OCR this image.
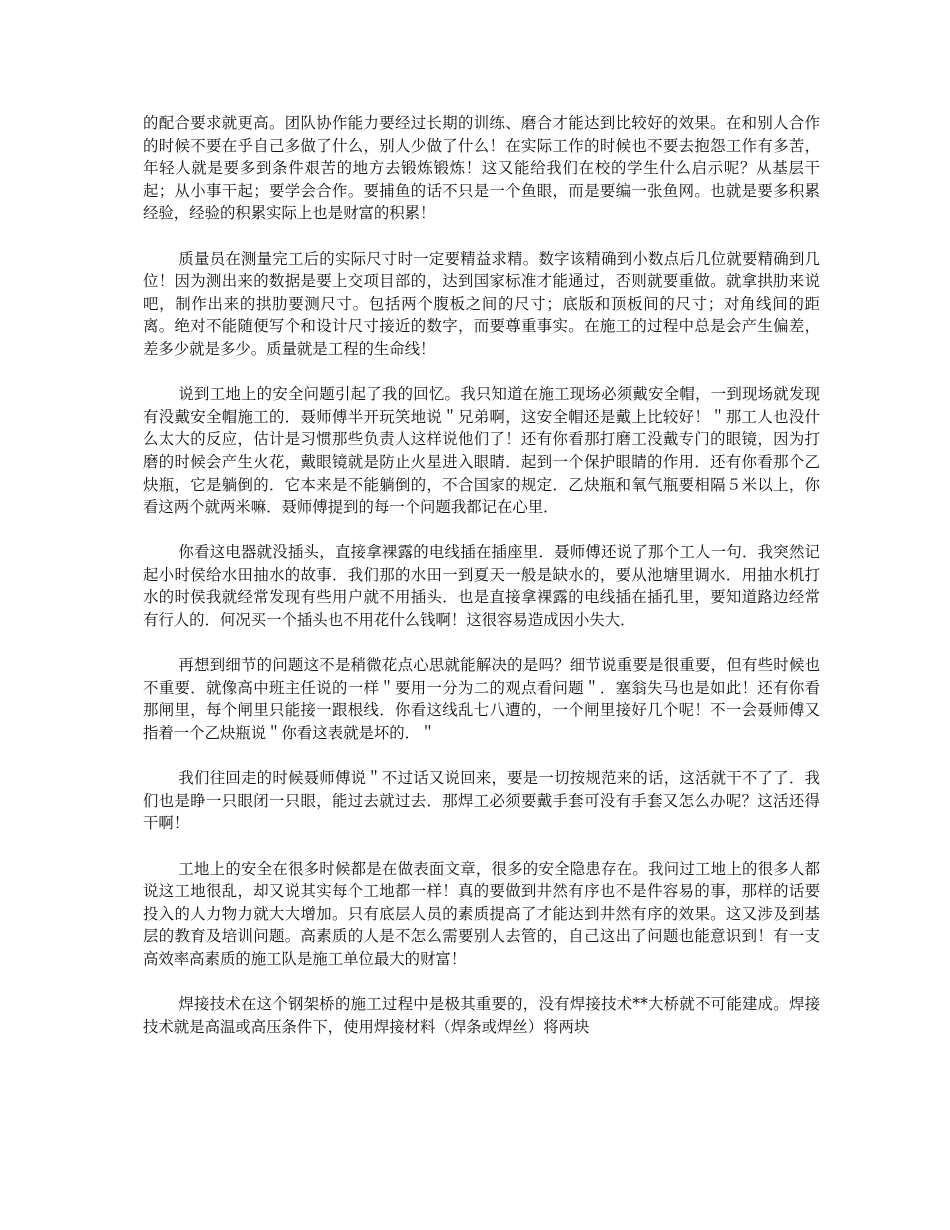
的配合要求就更高。团队协作能力要经过长期的训练、磨合才能达到比较好的效果。在和别人合作的时候不要在乎自己多做了什么，别人少做了什么！在实际工作的时候也不要去抱怨工作有多苦，年轻人就是要多到条件艰苦的地方去锻炼锻炼！这又能给我们在校的学生什么启示呢？从基层干起；从小事干起；要学会合作。要捕鱼的话不只是一个鱼眼，而是要编一张鱼网。也就是要多积累经验，经验的积累实际上也是财富的积累！

质量员在测量完工后的实际尺寸时一定要精益求精。数字该精确到小数点后几位就要精确到几位！因为测出来的数据是要上交项目部的，达到国家标准才能通过，否则就要重做。就拿拱肋来说吧，制作出来的拱肋要测尺寸。包括两个腹板之间的尺寸；底版和顶板间的尺寸；对角线间的距离。绝对不能随便写个和设计尺寸接近的数字，而要尊重事实。在施工的过程中总是会产生偏差，差多少就是多少。质量就是工程的生命线！

说到工地上的安全问题引起了我的回忆。我只知道在施工现场必须戴安全帽，一到现场就发现有没戴安全帽施工的．聂师傅半开玩笑地说＂兄弟啊，这安全帽还是戴上比较好！＂那工人也没什么太大的反应，估计是习惯那些负责人这样说他们了！还有你看那打磨工没戴专门的眼镜，因为打磨的时候会产生火花，戴眼镜就是防止火星进入眼睛．起到一个保护眼睛的作用．还有你看那个乙炔瓶，它是躺倒的．它本来是不能躺倒的，不合国家的规定．乙炔瓶和氧气瓶要相隔５米以上，你看这两个就两米嘛．聂师傅提到的每一个问题我都记在心里．

你看这电器就没插头，直接拿裸露的电线插在插座里．聂师傅还说了那个工人一句．我突然记起小时侯给水田抽水的故事．我们那的水田一到夏天一般是缺水的，要从池塘里调水．用抽水机打水的时侯我就经常发现有些用户就不用插头．也是直接拿裸露的电线插在插孔里，要知道路边经常有行人的．何况买一个插头也不用花什么钱啊！这很容易造成因小失大．

再想到细节的问题这不是稍微花点心思就能解决的是吗？细节说重要是很重要，但有些时候也不重要．就像高中班主任说的一样＂要用一分为二的观点看问题＂．塞翁失马也是如此！还有你看那闸里，每个闸里只能接一跟根线．你看这线乱七八遭的，一个闸里接好几个呢！不一会聂师傅又指着一个乙炔瓶说＂你看这表就是坏的．＂

我们往回走的时候聂师傅说＂不过话又说回来，要是一切按规范来的话，这活就干不了了．我们也是睁一只眼闭一只眼，能过去就过去．那焊工必须要戴手套可没有手套又怎么办呢？这活还得干啊！

工地上的安全在很多时候都是在做表面文章，很多的安全隐患存在。我问过工地上的很多人都说这工地很乱，却又说其实每个工地都一样！真的要做到井然有序也不是件容易的事，那样的话要投入的人力物力就大大增加。只有底层人员的素质提高了才能达到井然有序的效果。这又涉及到基层的教育及培训问题。高素质的人是不怎么需要别人去管的，自己这出了问题也能意识到！有一支高效率高素质的施工队是施工单位最大的财富！

焊接技术在这个钢架桥的施工过程中是极其重要的，没有焊接技术**大桥就不可能建成。焊接技术就是高温或高压条件下，使用焊接材料（焊条或焊丝）将两块
